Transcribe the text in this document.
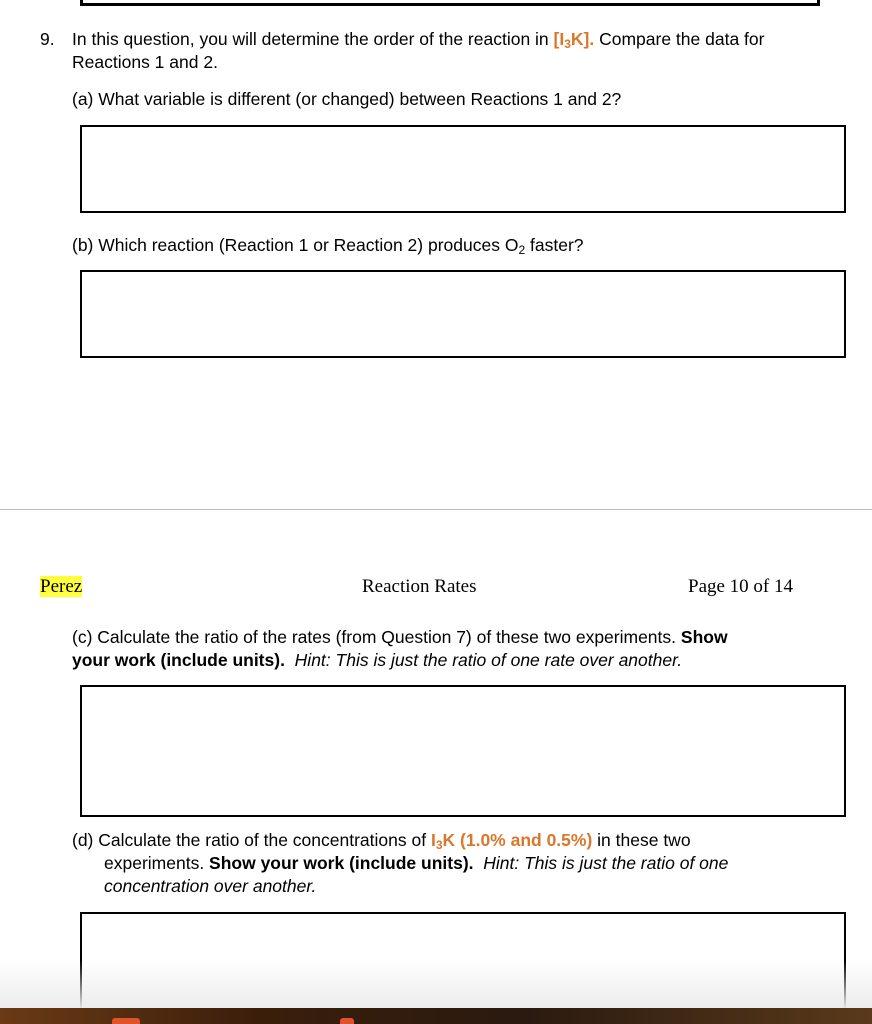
9. In this question, you will determine the order of the reaction in $[I_3K]$. Compare the data for
Reactions 1 and 2.
(a) What variable is different (or changed) between Reactions 1 and 2?
(b) Which reaction (Reaction 1 or Reaction 2) produces $O_2$ faster?
Perez	Reaction Rates	Page 10 of 14
(c) Calculate the ratio of the rates (from Question 7) of these two experiments. Show
your work (include units). Hint: This is just the ratio of one rate over another.
(d) Calculate the ratio of the concentrations of $I_3K$ (1.0% and 0.5%) in these two
experiments. Show your work (include units). Hint: This is just the ratio of one
concentration over another.
